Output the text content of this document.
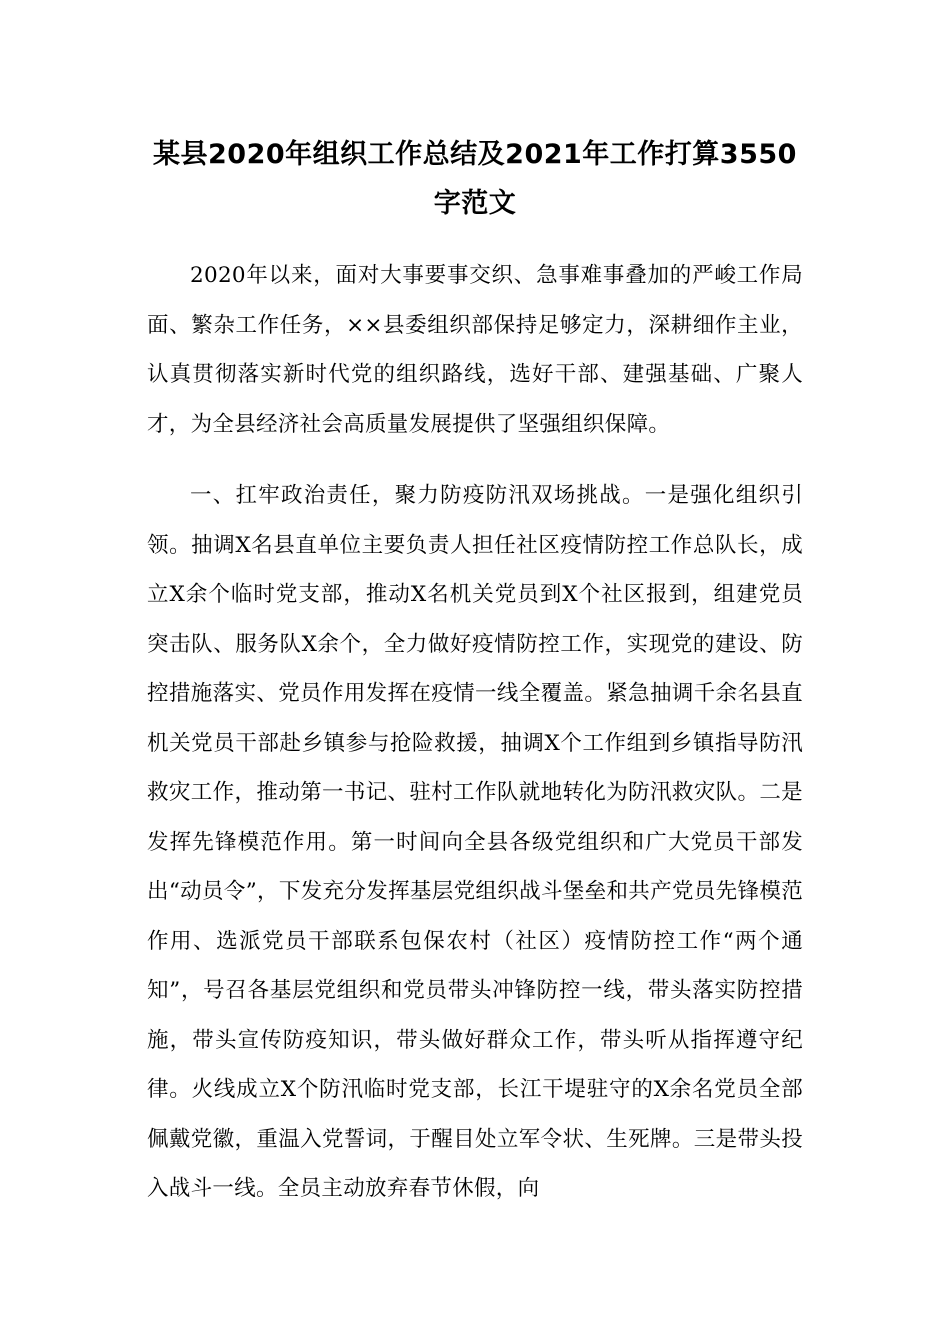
某县2020年组织工作总结及2021年工作打算3550字范文

2020年以来，面对大事要事交织、急事难事叠加的严峻工作局面、繁杂工作任务，××县委组织部保持足够定力，深耕细作主业，认真贯彻落实新时代党的组织路线，选好干部、建强基础、广聚人才，为全县经济社会高质量发展提供了坚强组织保障。

一、扛牢政治责任，聚力防疫防汛双场挑战。一是强化组织引领。抽调X名县直单位主要负责人担任社区疫情防控工作总队长，成立X余个临时党支部，推动X名机关党员到X个社区报到，组建党员突击队、服务队X余个，全力做好疫情防控工作，实现党的建设、防控措施落实、党员作用发挥在疫情一线全覆盖。紧急抽调千余名县直机关党员干部赴乡镇参与抢险救援，抽调X个工作组到乡镇指导防汛救灾工作，推动第一书记、驻村工作队就地转化为防汛救灾队。二是发挥先锋模范作用。第一时间向全县各级党组织和广大党员干部发出“动员令”，下发充分发挥基层党组织战斗堡垒和共产党员先锋模范作用、选派党员干部联系包保农村（社区）疫情防控工作“两个通知”，号召各基层党组织和党员带头冲锋防控一线，带头落实防控措施，带头宣传防疫知识，带头做好群众工作，带头听从指挥遵守纪律。火线成立X个防汛临时党支部，长江干堤驻守的X余名党员全部佩戴党徽，重温入党誓词，于醒目处立军令状、生死牌。三是带头投入战斗一线。全员主动放弃春节休假，向
